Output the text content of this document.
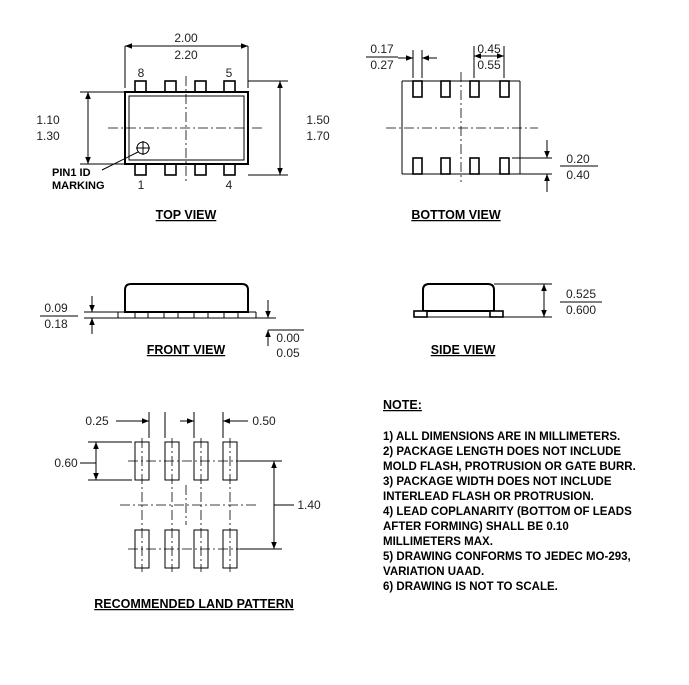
2.00
2.20
8	5
1.10
1.30
1.50
1.70
PIN1 ID
MARKING	1	4
TOP VIEW
0.17
0.27
0.45
0.55
0.20
0.40
BOTTOM VIEW
0.09
0.18
0.00
0.05
FRONT VIEW
0.525
0.600
SIDE VIEW
0.25	0.50
0.60
1.40
RECOMMENDED LAND PATTERN
NOTE:
1) ALL DIMENSIONS ARE IN MILLIMETERS.
2) PACKAGE LENGTH DOES NOT INCLUDE
MOLD FLASH, PROTRUSION OR GATE BURR.
3) PACKAGE WIDTH DOES NOT INCLUDE
INTERLEAD FLASH OR PROTRUSION.
4) LEAD COPLANARITY (BOTTOM OF LEADS
AFTER FORMING) SHALL BE 0.10
MILLIMETERS MAX.
5) DRAWING CONFORMS TO JEDEC MO-293,
VARIATION UAAD.
6) DRAWING IS NOT TO SCALE.
